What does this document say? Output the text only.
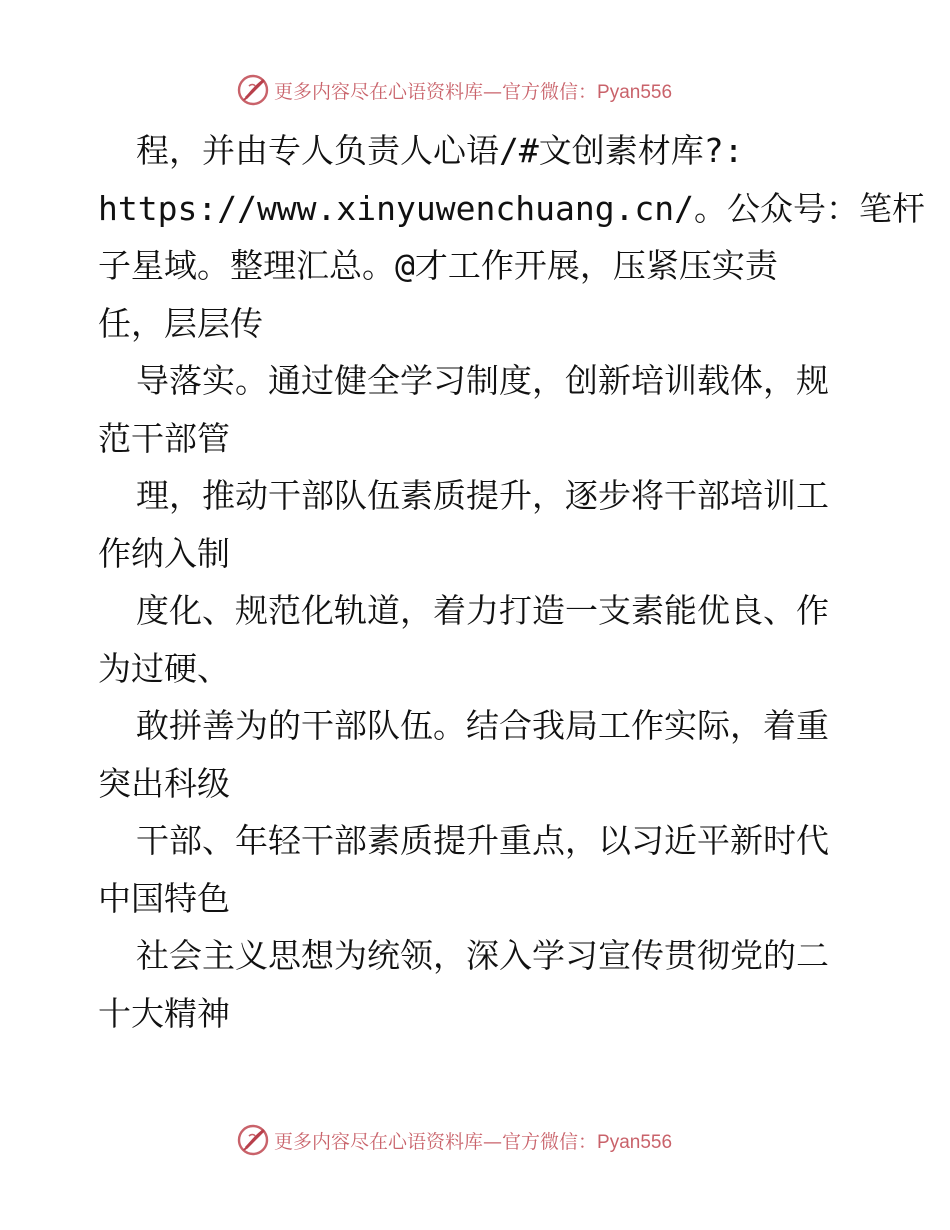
更多内容尽在心语资料库—官方微信：Pyan556
程，并由专人负责人心语/#文创素材库?:
https://www.xinyuwenchuang.cn/。公众号：笔杆
子星域。整理汇总。@才工作开展，压紧压实责
任，层层传
导落实。通过健全学习制度，创新培训载体，规
范干部管
理，推动干部队伍素质提升，逐步将干部培训工
作纳入制
度化、规范化轨道，着力打造一支素能优良、作
为过硬、
敢拼善为的干部队伍。结合我局工作实际，着重
突出科级
干部、年轻干部素质提升重点，以习近平新时代
中国特色
社会主义思想为统领，深入学习宣传贯彻党的二
十大精神
更多内容尽在心语资料库—官方微信：Pyan556
